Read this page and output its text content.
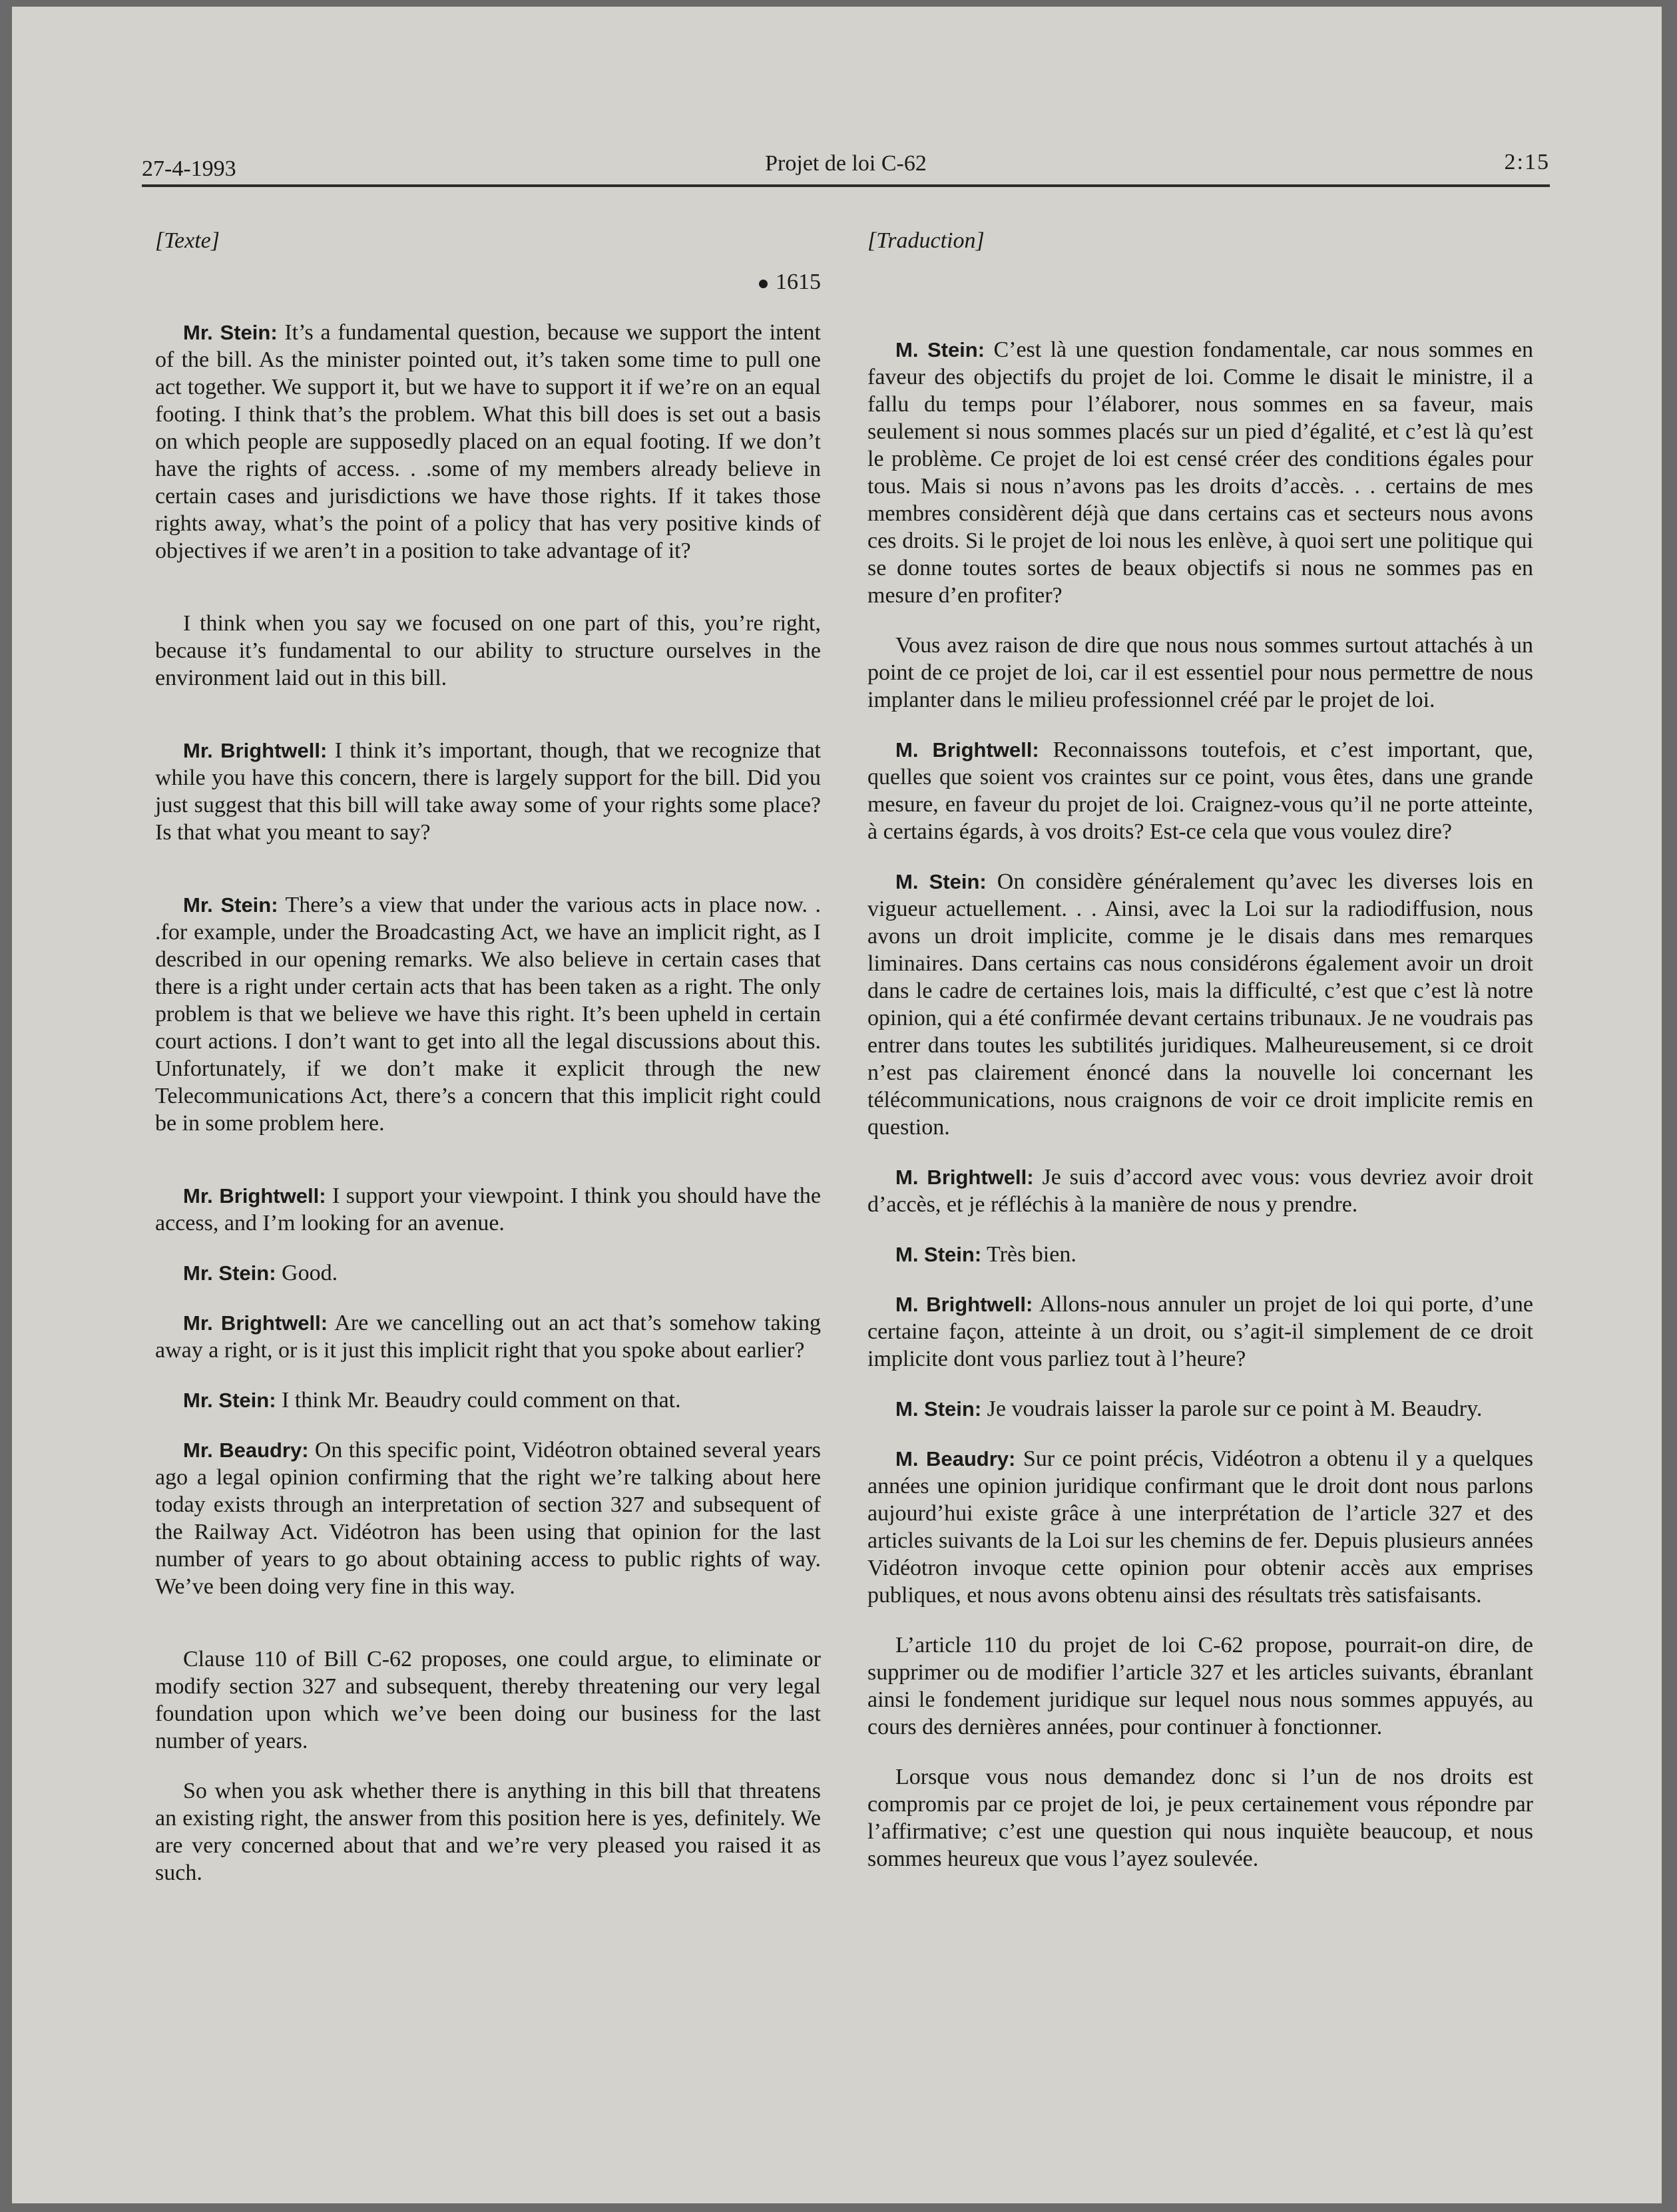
27-4-1993	Projet de loi C-62	2:15
[Texte]
1615

Mr. Stein: It’s a fundamental question, because we support the intent of the bill. As the minister pointed out, it’s taken some time to pull one act together. We support it, but we have to support it if we’re on an equal footing. I think that’s the problem. What this bill does is set out a basis on which people are supposedly placed on an equal footing. If we don’t have the rights of access. . .some of my members already believe in certain cases and jurisdictions we have those rights. If it takes those rights away, what’s the point of a policy that has very positive kinds of objectives if we aren’t in a position to take advantage of it?

I think when you say we focused on one part of this, you’re right, because it’s fundamental to our ability to structure ourselves in the environment laid out in this bill.

Mr. Brightwell: I think it’s important, though, that we recognize that while you have this concern, there is largely support for the bill. Did you just suggest that this bill will take away some of your rights some place? Is that what you meant to say?

Mr. Stein: There’s a view that under the various acts in place now. . .for example, under the Broadcasting Act, we have an implicit right, as I described in our opening remarks. We also believe in certain cases that there is a right under certain acts that has been taken as a right. The only problem is that we believe we have this right. It’s been upheld in certain court actions. I don’t want to get into all the legal discussions about this. Unfortunately, if we don’t make it explicit through the new Telecommunications Act, there’s a concern that this implicit right could be in some problem here.

Mr. Brightwell: I support your viewpoint. I think you should have the access, and I’m looking for an avenue.

Mr. Stein: Good.

Mr. Brightwell: Are we cancelling out an act that’s somehow taking away a right, or is it just this implicit right that you spoke about earlier?

Mr. Stein: I think Mr. Beaudry could comment on that.

Mr. Beaudry: On this specific point, Vidéotron obtained several years ago a legal opinion confirming that the right we’re talking about here today exists through an interpretation of section 327 and subsequent of the Railway Act. Vidéotron has been using that opinion for the last number of years to go about obtaining access to public rights of way. We’ve been doing very fine in this way.

Clause 110 of Bill C-62 proposes, one could argue, to eliminate or modify section 327 and subsequent, thereby threatening our very legal foundation upon which we’ve been doing our business for the last number of years.

So when you ask whether there is anything in this bill that threatens an existing right, the answer from this position here is yes, definitely. We are very concerned about that and we’re very pleased you raised it as such.

[Traduction]

M. Stein: C’est là une question fondamentale, car nous sommes en faveur des objectifs du projet de loi. Comme le disait le ministre, il a fallu du temps pour l’élaborer, nous sommes en sa faveur, mais seulement si nous sommes placés sur un pied d’égalité, et c’est là qu’est le problème. Ce projet de loi est censé créer des conditions égales pour tous. Mais si nous n’avons pas les droits d’accès. . . certains de mes membres considèrent déjà que dans certains cas et secteurs nous avons ces droits. Si le projet de loi nous les enlève, à quoi sert une politique qui se donne toutes sortes de beaux objectifs si nous ne sommes pas en mesure d’en profiter?

Vous avez raison de dire que nous nous sommes surtout attachés à un point de ce projet de loi, car il est essentiel pour nous permettre de nous implanter dans le milieu professionnel créé par le projet de loi.

M. Brightwell: Reconnaissons toutefois, et c’est important, que, quelles que soient vos craintes sur ce point, vous êtes, dans une grande mesure, en faveur du projet de loi. Craignez-vous qu’il ne porte atteinte, à certains égards, à vos droits? Est-ce cela que vous voulez dire?

M. Stein: On considère généralement qu’avec les diverses lois en vigueur actuellement. . . Ainsi, avec la Loi sur la radiodiffusion, nous avons un droit implicite, comme je le disais dans mes remarques liminaires. Dans certains cas nous considérons également avoir un droit dans le cadre de certaines lois, mais la difficulté, c’est que c’est là notre opinion, qui a été confirmée devant certains tribunaux. Je ne voudrais pas entrer dans toutes les subtilités juridiques. Malheureusement, si ce droit n’est pas clairement énoncé dans la nouvelle loi concernant les télécommunications, nous craignons de voir ce droit implicite remis en question.

M. Brightwell: Je suis d’accord avec vous: vous devriez avoir droit d’accès, et je réfléchis à la manière de nous y prendre.

M. Stein: Très bien.

M. Brightwell: Allons-nous annuler un projet de loi qui porte, d’une certaine façon, atteinte à un droit, ou s’agit-il simplement de ce droit implicite dont vous parliez tout à l’heure?

M. Stein: Je voudrais laisser la parole sur ce point à M. Beaudry.

M. Beaudry: Sur ce point précis, Vidéotron a obtenu il y a quelques années une opinion juridique confirmant que le droit dont nous parlons aujourd’hui existe grâce à une interprétation de l’article 327 et des articles suivants de la Loi sur les chemins de fer. Depuis plusieurs années Vidéotron invoque cette opinion pour obtenir accès aux emprises publiques, et nous avons obtenu ainsi des résultats très satisfaisants.

L’article 110 du projet de loi C-62 propose, pourrait-on dire, de supprimer ou de modifier l’article 327 et les articles suivants, ébranlant ainsi le fondement juridique sur lequel nous nous sommes appuyés, au cours des dernières années, pour continuer à fonctionner.

Lorsque vous nous demandez donc si l’un de nos droits est compromis par ce projet de loi, je peux certainement vous répondre par l’affirmative; c’est une question qui nous inquiète beaucoup, et nous sommes heureux que vous l’ayez soulevée.
